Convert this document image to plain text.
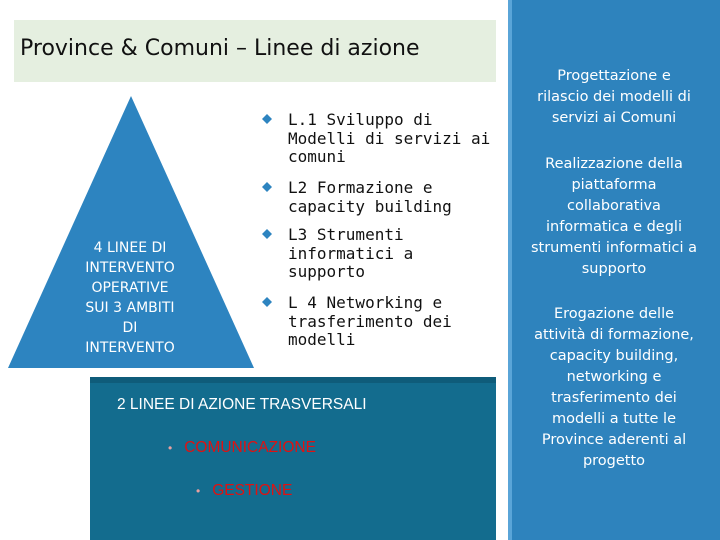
Province & Comuni – Linee di azione
4 LINEE DI
INTERVENTO
OPERATIVE
SUI 3 AMBITI
DI
INTERVENTO
L.1 Sviluppo di
Modelli di servizi ai
comuni
L2 Formazione e
capacity building
L3 Strumenti
informatici a
supporto
L 4 Networking e
trasferimento dei
modelli
2 LINEE DI AZIONE TRASVERSALI
• COMUNICAZIONE
• GESTIONE
Progettazione e
rilascio dei modelli di
servizi ai Comuni
Realizzazione della
piattaforma
collaborativa
informatica e degli
strumenti informatici a
supporto
Erogazione delle
attività di formazione,
capacity building,
networking e
trasferimento dei
modelli a tutte le
Province aderenti al
progetto
